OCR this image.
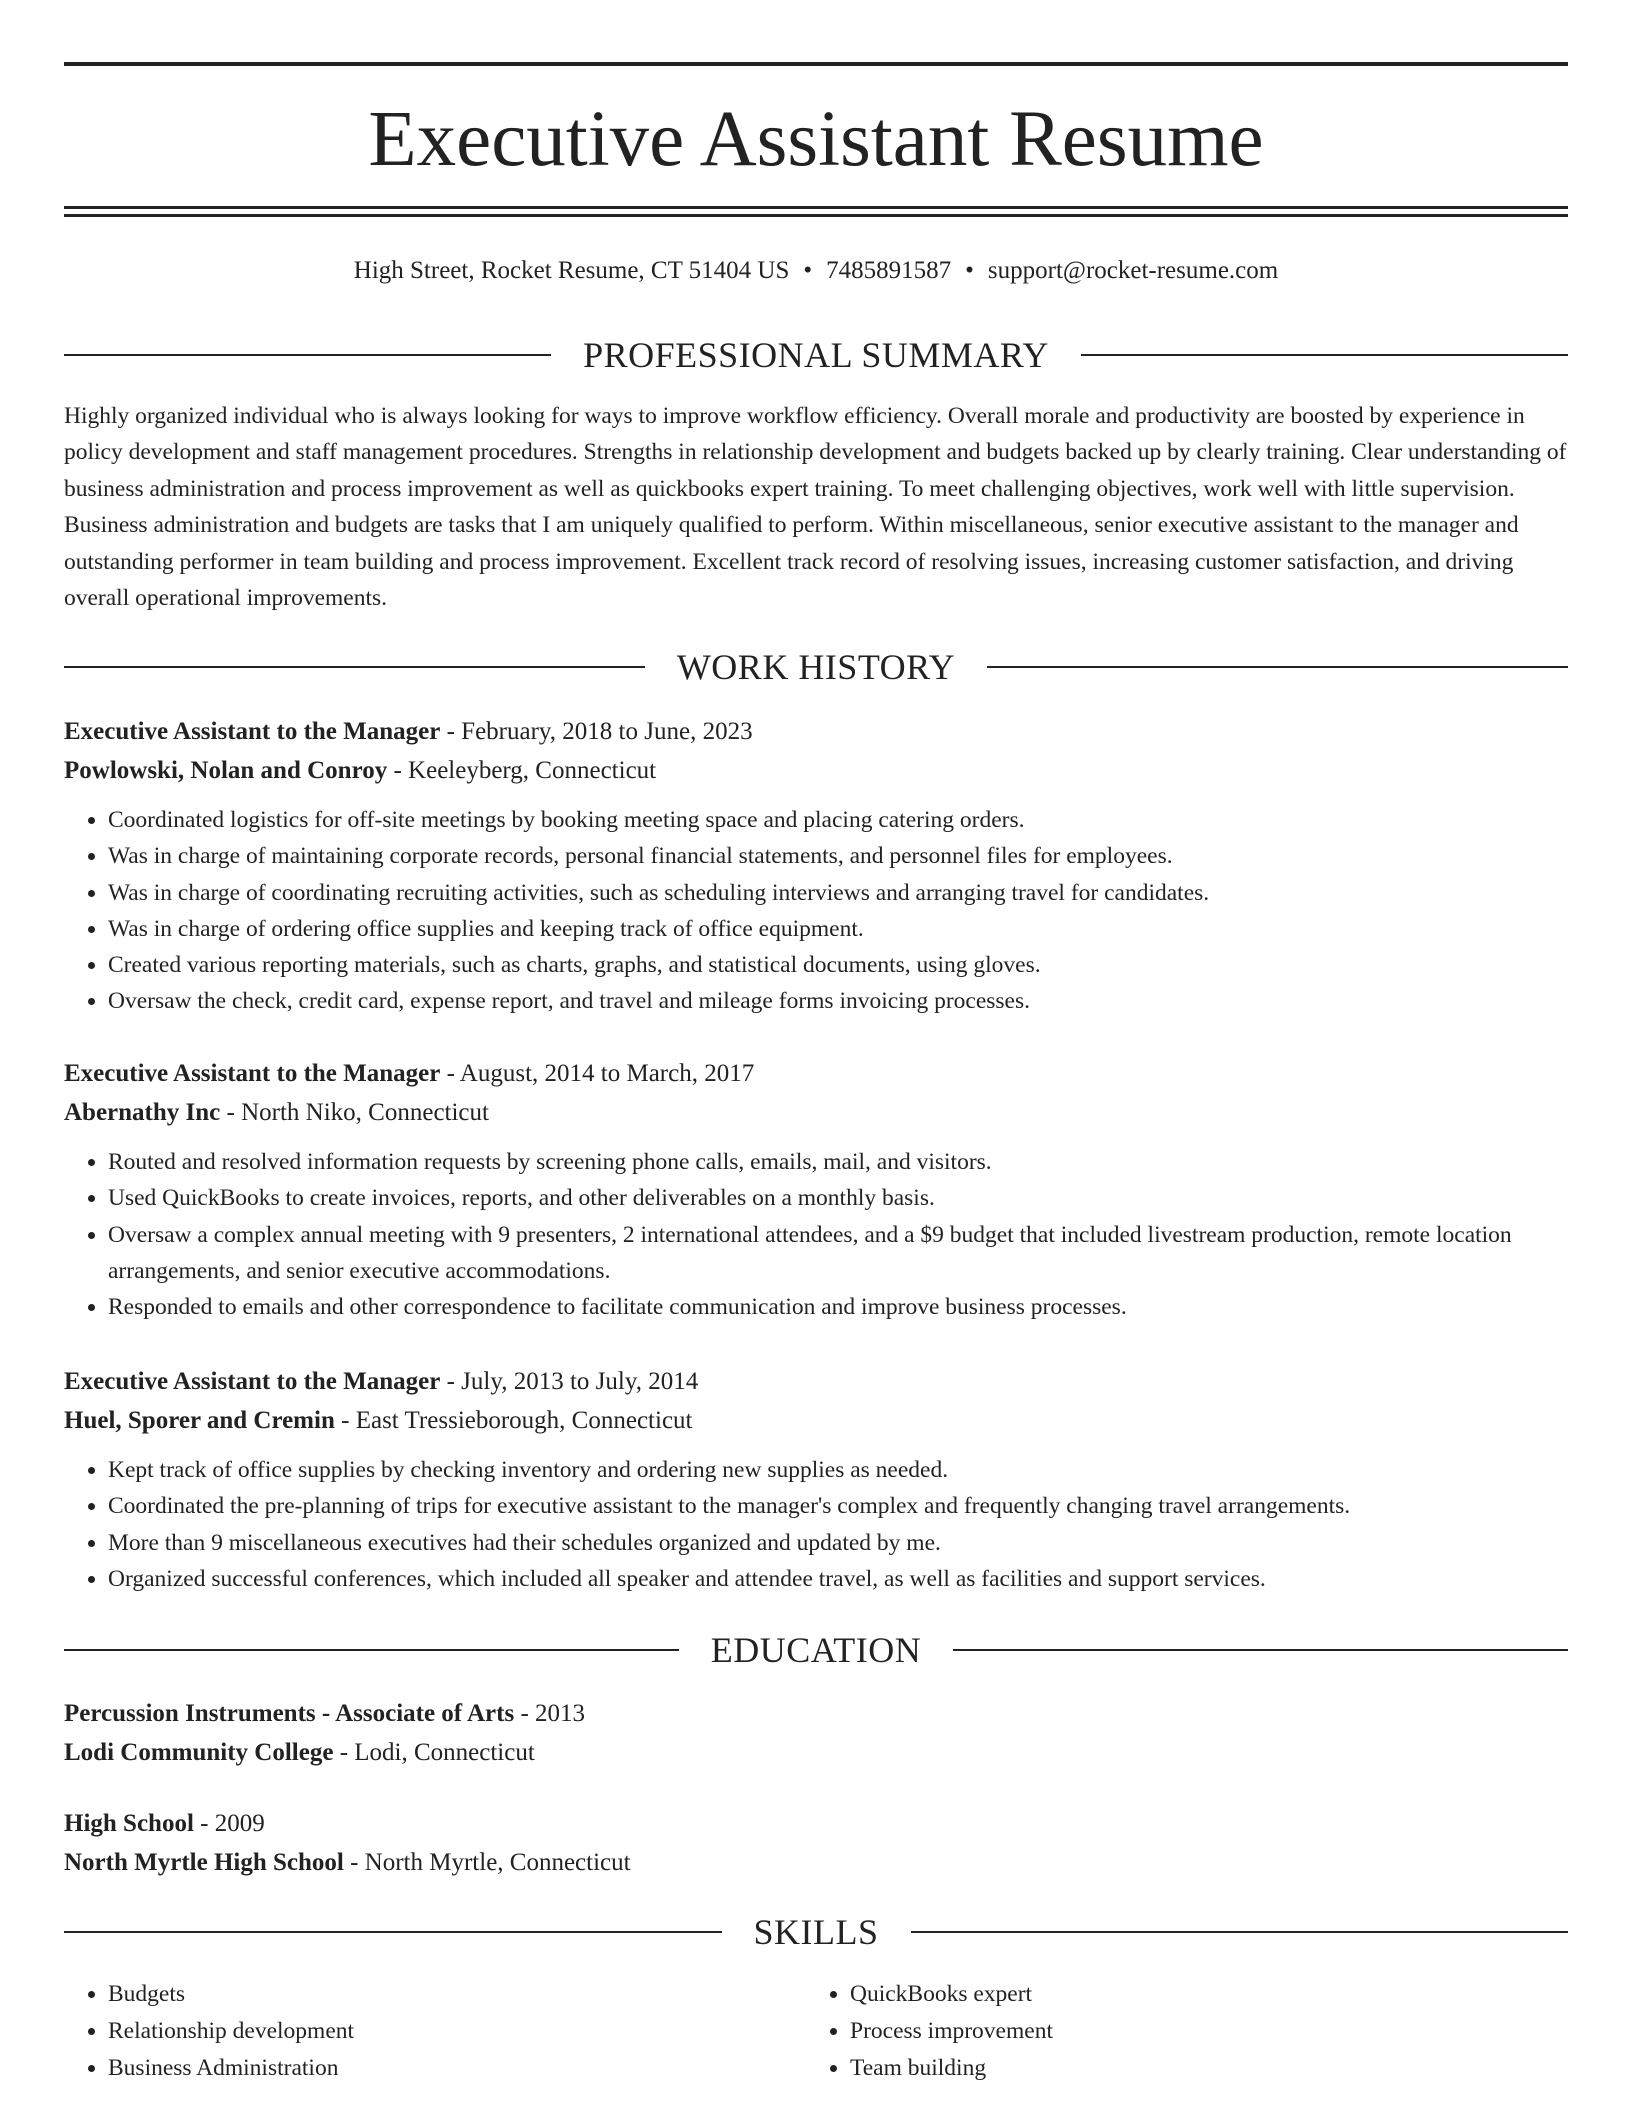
Executive Assistant Resume
High Street, Rocket Resume, CT 51404 US • 7485891587 • support@rocket-resume.com
PROFESSIONAL SUMMARY

Highly organized individual who is always looking for ways to improve workflow efficiency. Overall morale and productivity are boosted by experience in policy development and staff management procedures. Strengths in relationship development and budgets backed up by clearly training. Clear understanding of business administration and process improvement as well as quickbooks expert training. To meet challenging objectives, work well with little supervision. Business administration and budgets are tasks that I am uniquely qualified to perform. Within miscellaneous, senior executive assistant to the manager and outstanding performer in team building and process improvement. Excellent track record of resolving issues, increasing customer satisfaction, and driving overall operational improvements.

WORK HISTORY
Executive Assistant to the Manager - February, 2018 to June, 2023
Powlowski, Nolan and Conroy - Keeleyberg, Connecticut
• Coordinated logistics for off-site meetings by booking meeting space and placing catering orders.
• Was in charge of maintaining corporate records, personal financial statements, and personnel files for employees.
• Was in charge of coordinating recruiting activities, such as scheduling interviews and arranging travel for candidates.
• Was in charge of ordering office supplies and keeping track of office equipment.
• Created various reporting materials, such as charts, graphs, and statistical documents, using gloves.
• Oversaw the check, credit card, expense report, and travel and mileage forms invoicing processes.
Executive Assistant to the Manager - August, 2014 to March, 2017
Abernathy Inc - North Niko, Connecticut
• Routed and resolved information requests by screening phone calls, emails, mail, and visitors.
• Used QuickBooks to create invoices, reports, and other deliverables on a monthly basis.
• Oversaw a complex annual meeting with 9 presenters, 2 international attendees, and a $9 budget that included livestream production, remote location arrangements, and senior executive accommodations.
• Responded to emails and other correspondence to facilitate communication and improve business processes.
Executive Assistant to the Manager - July, 2013 to July, 2014
Huel, Sporer and Cremin - East Tressieborough, Connecticut
• Kept track of office supplies by checking inventory and ordering new supplies as needed.
• Coordinated the pre-planning of trips for executive assistant to the manager's complex and frequently changing travel arrangements.
• More than 9 miscellaneous executives had their schedules organized and updated by me.
• Organized successful conferences, which included all speaker and attendee travel, as well as facilities and support services.
EDUCATION
Percussion Instruments - Associate of Arts - 2013
Lodi Community College - Lodi, Connecticut
High School - 2009
North Myrtle High School - North Myrtle, Connecticut
SKILLS
• Budgets
• Relationship development
• Business Administration
• QuickBooks expert
• Process improvement
• Team building
